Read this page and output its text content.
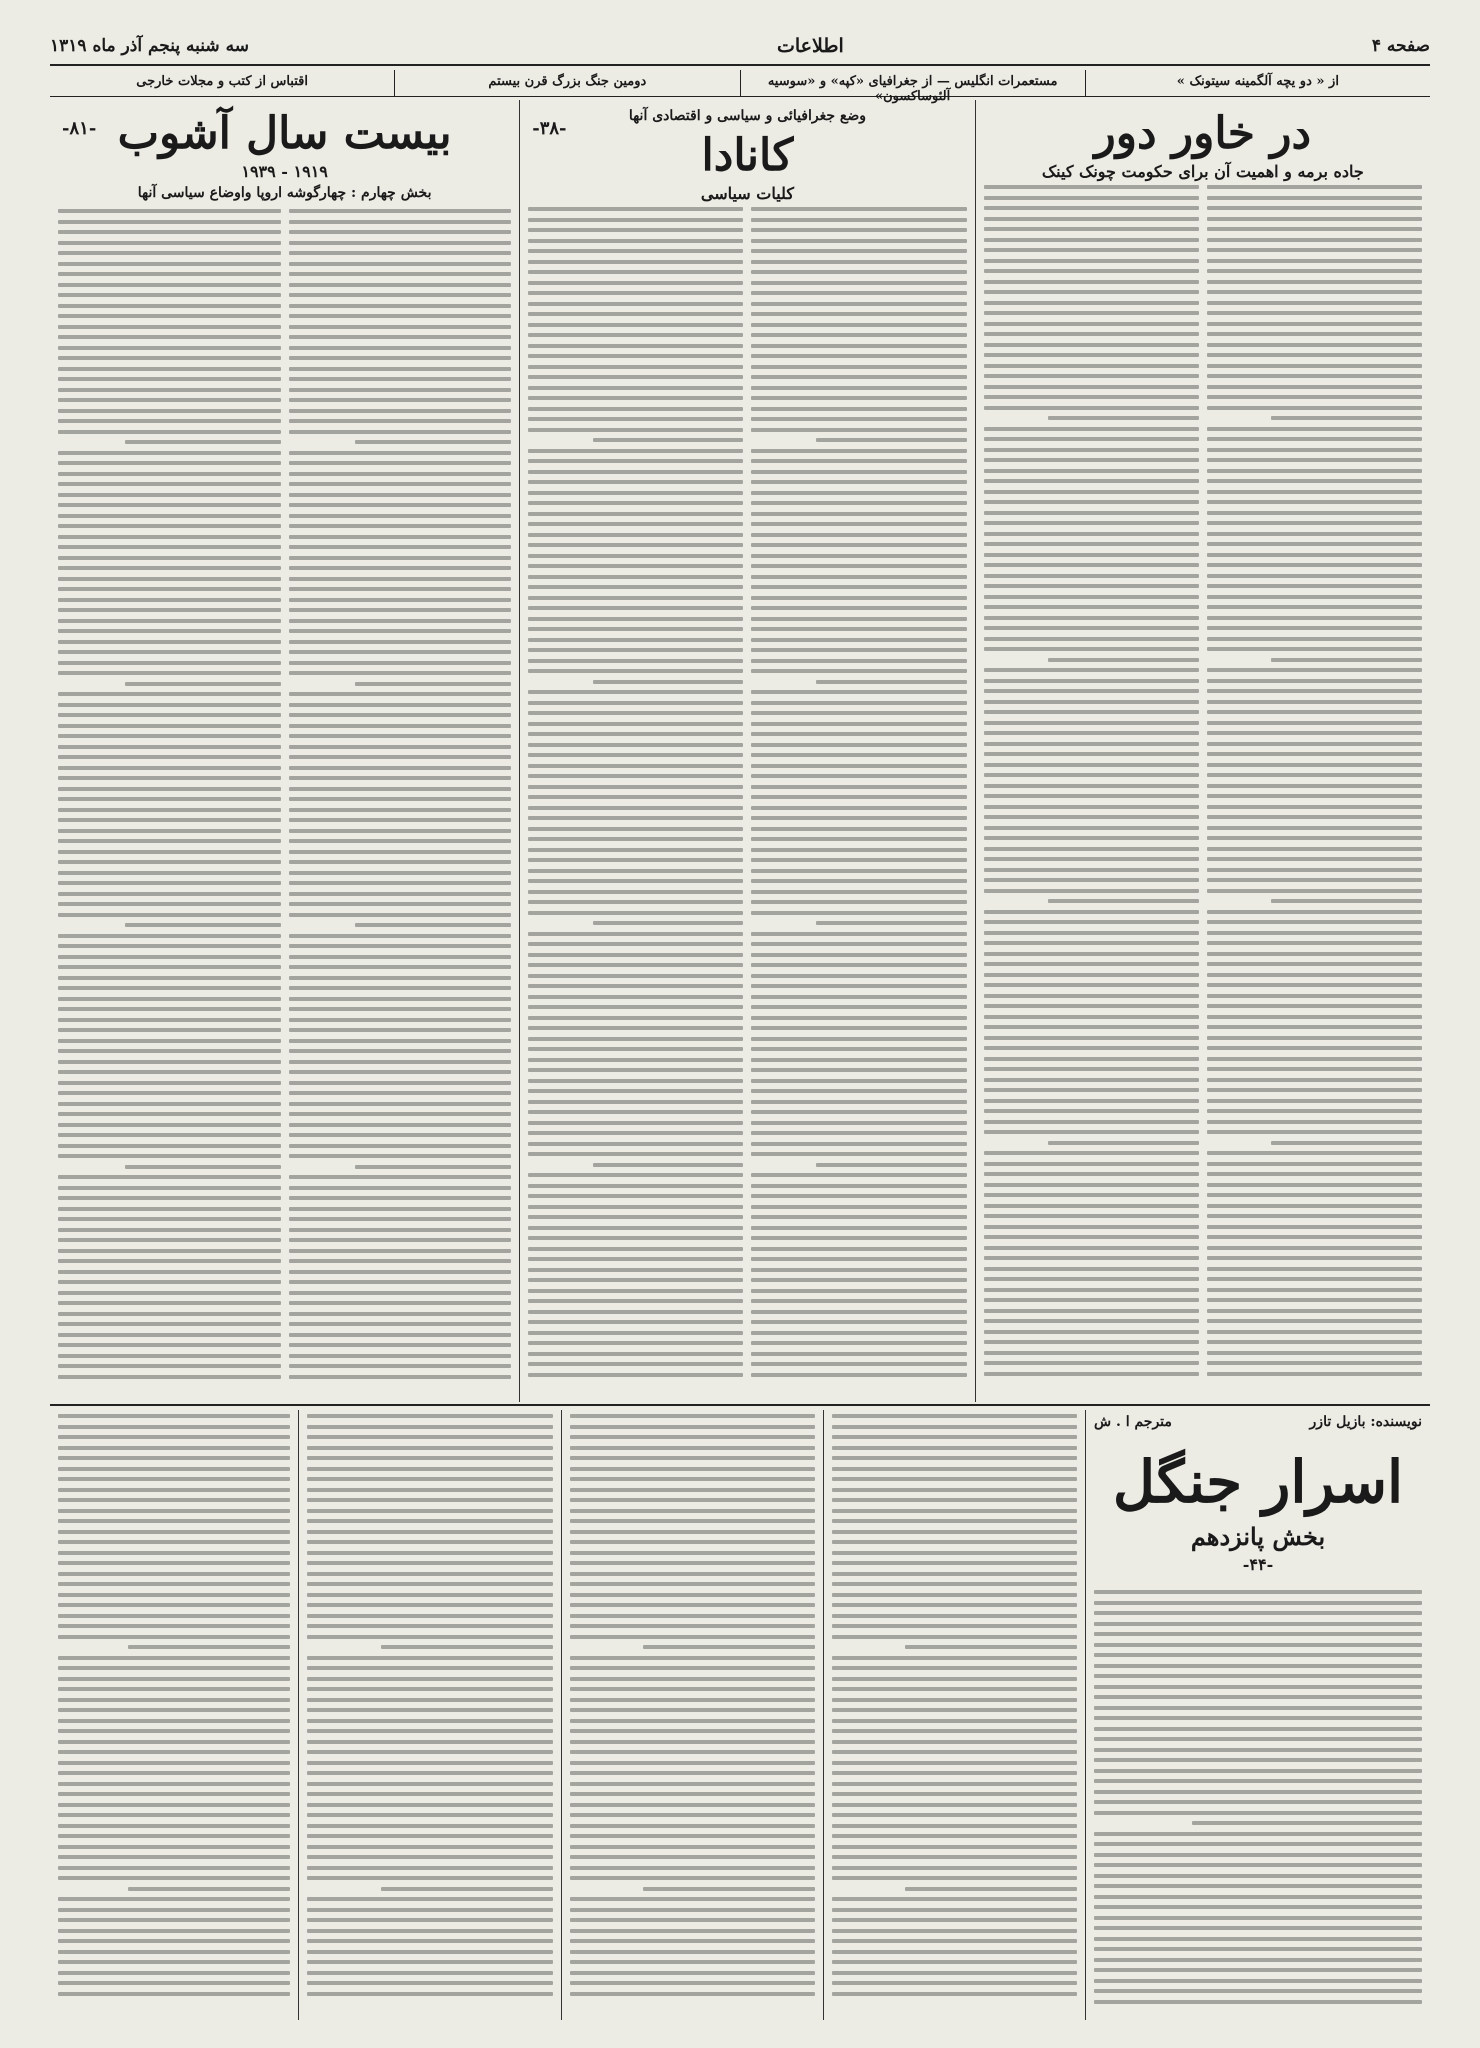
صفحه ۴
اطلاعات
سه شنبه پنجم آذر ماه ۱۳۱۹
از « دو یچه آلگمینه سیتونک »
مستعمرات انگلیس — از جغرافیای «کپه» و «سوسیه آلئوساکسون»
دومین جنگ بزرگ قرن بیستم
اقتباس از کتب و مجلات خارجی
در خاور دور
جاده برمه و اهمیت آن برای حکومت چونک کینک
وضع جغرافیائی و سیاسی و اقتصادی آنها
-۳۸-
کانادا
کلیات سیاسی
-۸۱- بیست سال آشوب
۱۹۱۹ - ۱۹۳۹
بخش چهارم : چهارگوشه اروپا واوضاع سیاسی آنها
نویسنده: بازیل تازر
مترجم ا . ش
اسرار جنگل
بخش پانزدهم
-۴۴-
